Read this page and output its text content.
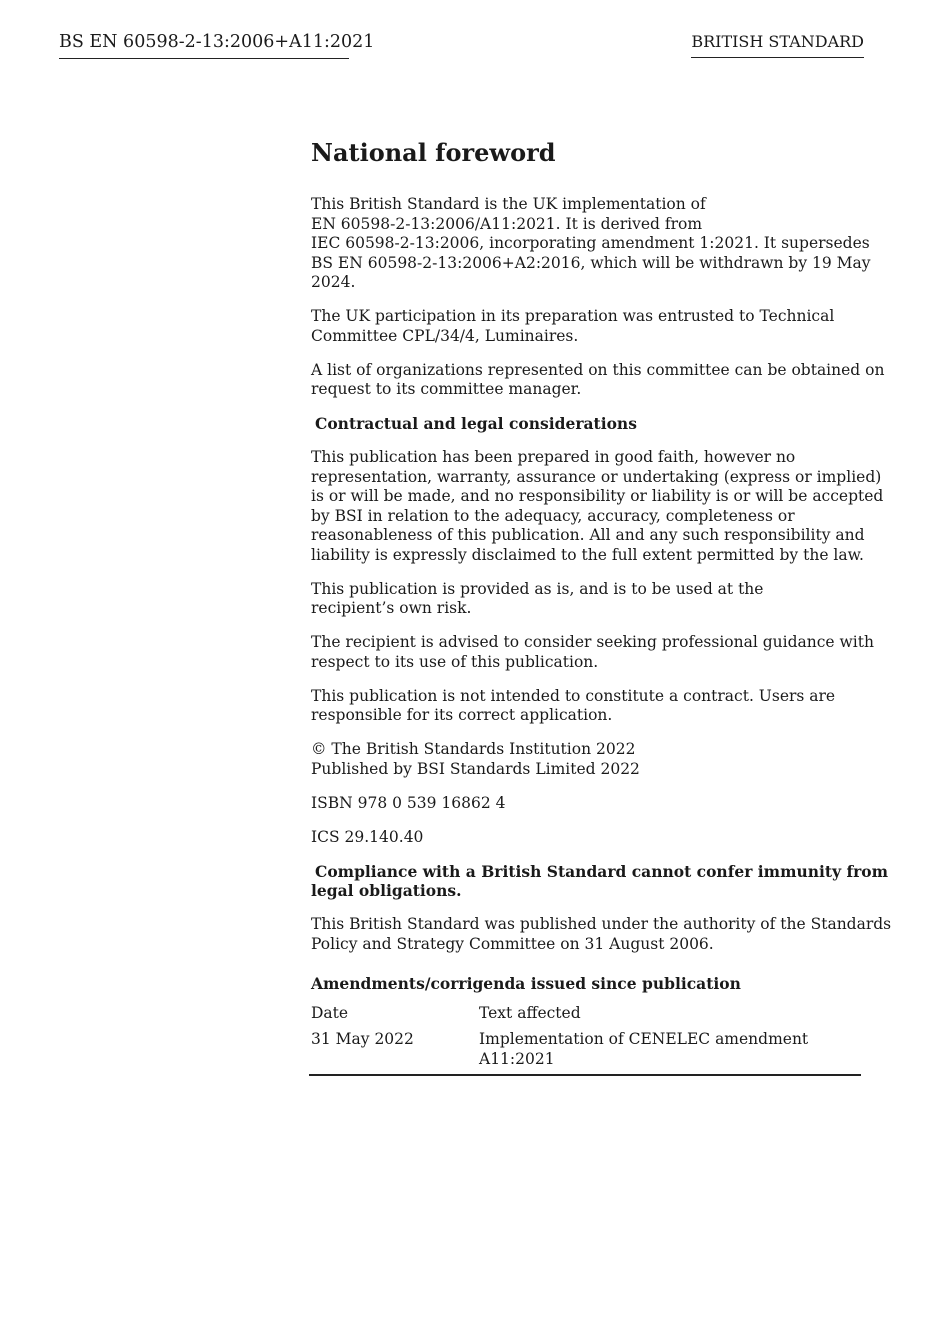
BS EN 60598-2-13:2006+A11:2021	BRITISH STANDARD
National foreword
This British Standard is the UK implementation of
EN 60598-2-13:2006/A11:2021. It is derived from
IEC 60598-2-13:2006, incorporating amendment 1:2021. It supersedes
BS EN 60598-2-13:2006+A2:2016, which will be withdrawn by 19 May
2024.
The UK participation in its preparation was entrusted to Technical
Committee CPL/34/4, Luminaires.
A list of organizations represented on this committee can be obtained on
request to its committee manager.
Contractual and legal considerations
This publication has been prepared in good faith, however no
representation, warranty, assurance or undertaking (express or implied)
is or will be made, and no responsibility or liability is or will be accepted
by BSI in relation to the adequacy, accuracy, completeness or
reasonableness of this publication. All and any such responsibility and
liability is expressly disclaimed to the full extent permitted by the law.
This publication is provided as is, and is to be used at the
recipient’s own risk.
The recipient is advised to consider seeking professional guidance with
respect to its use of this publication.
This publication is not intended to constitute a contract. Users are
responsible for its correct application.
© The British Standards Institution 2022
Published by BSI Standards Limited 2022
ISBN 978 0 539 16862 4
ICS 29.140.40
Compliance with a British Standard cannot confer immunity from
legal obligations.
This British Standard was published under the authority of the Standards
Policy and Strategy Committee on 31 August 2006.
Amendments/corrigenda issued since publication
Date	Text affected
31 May 2022	Implementation of CENELEC amendment A11:2021
